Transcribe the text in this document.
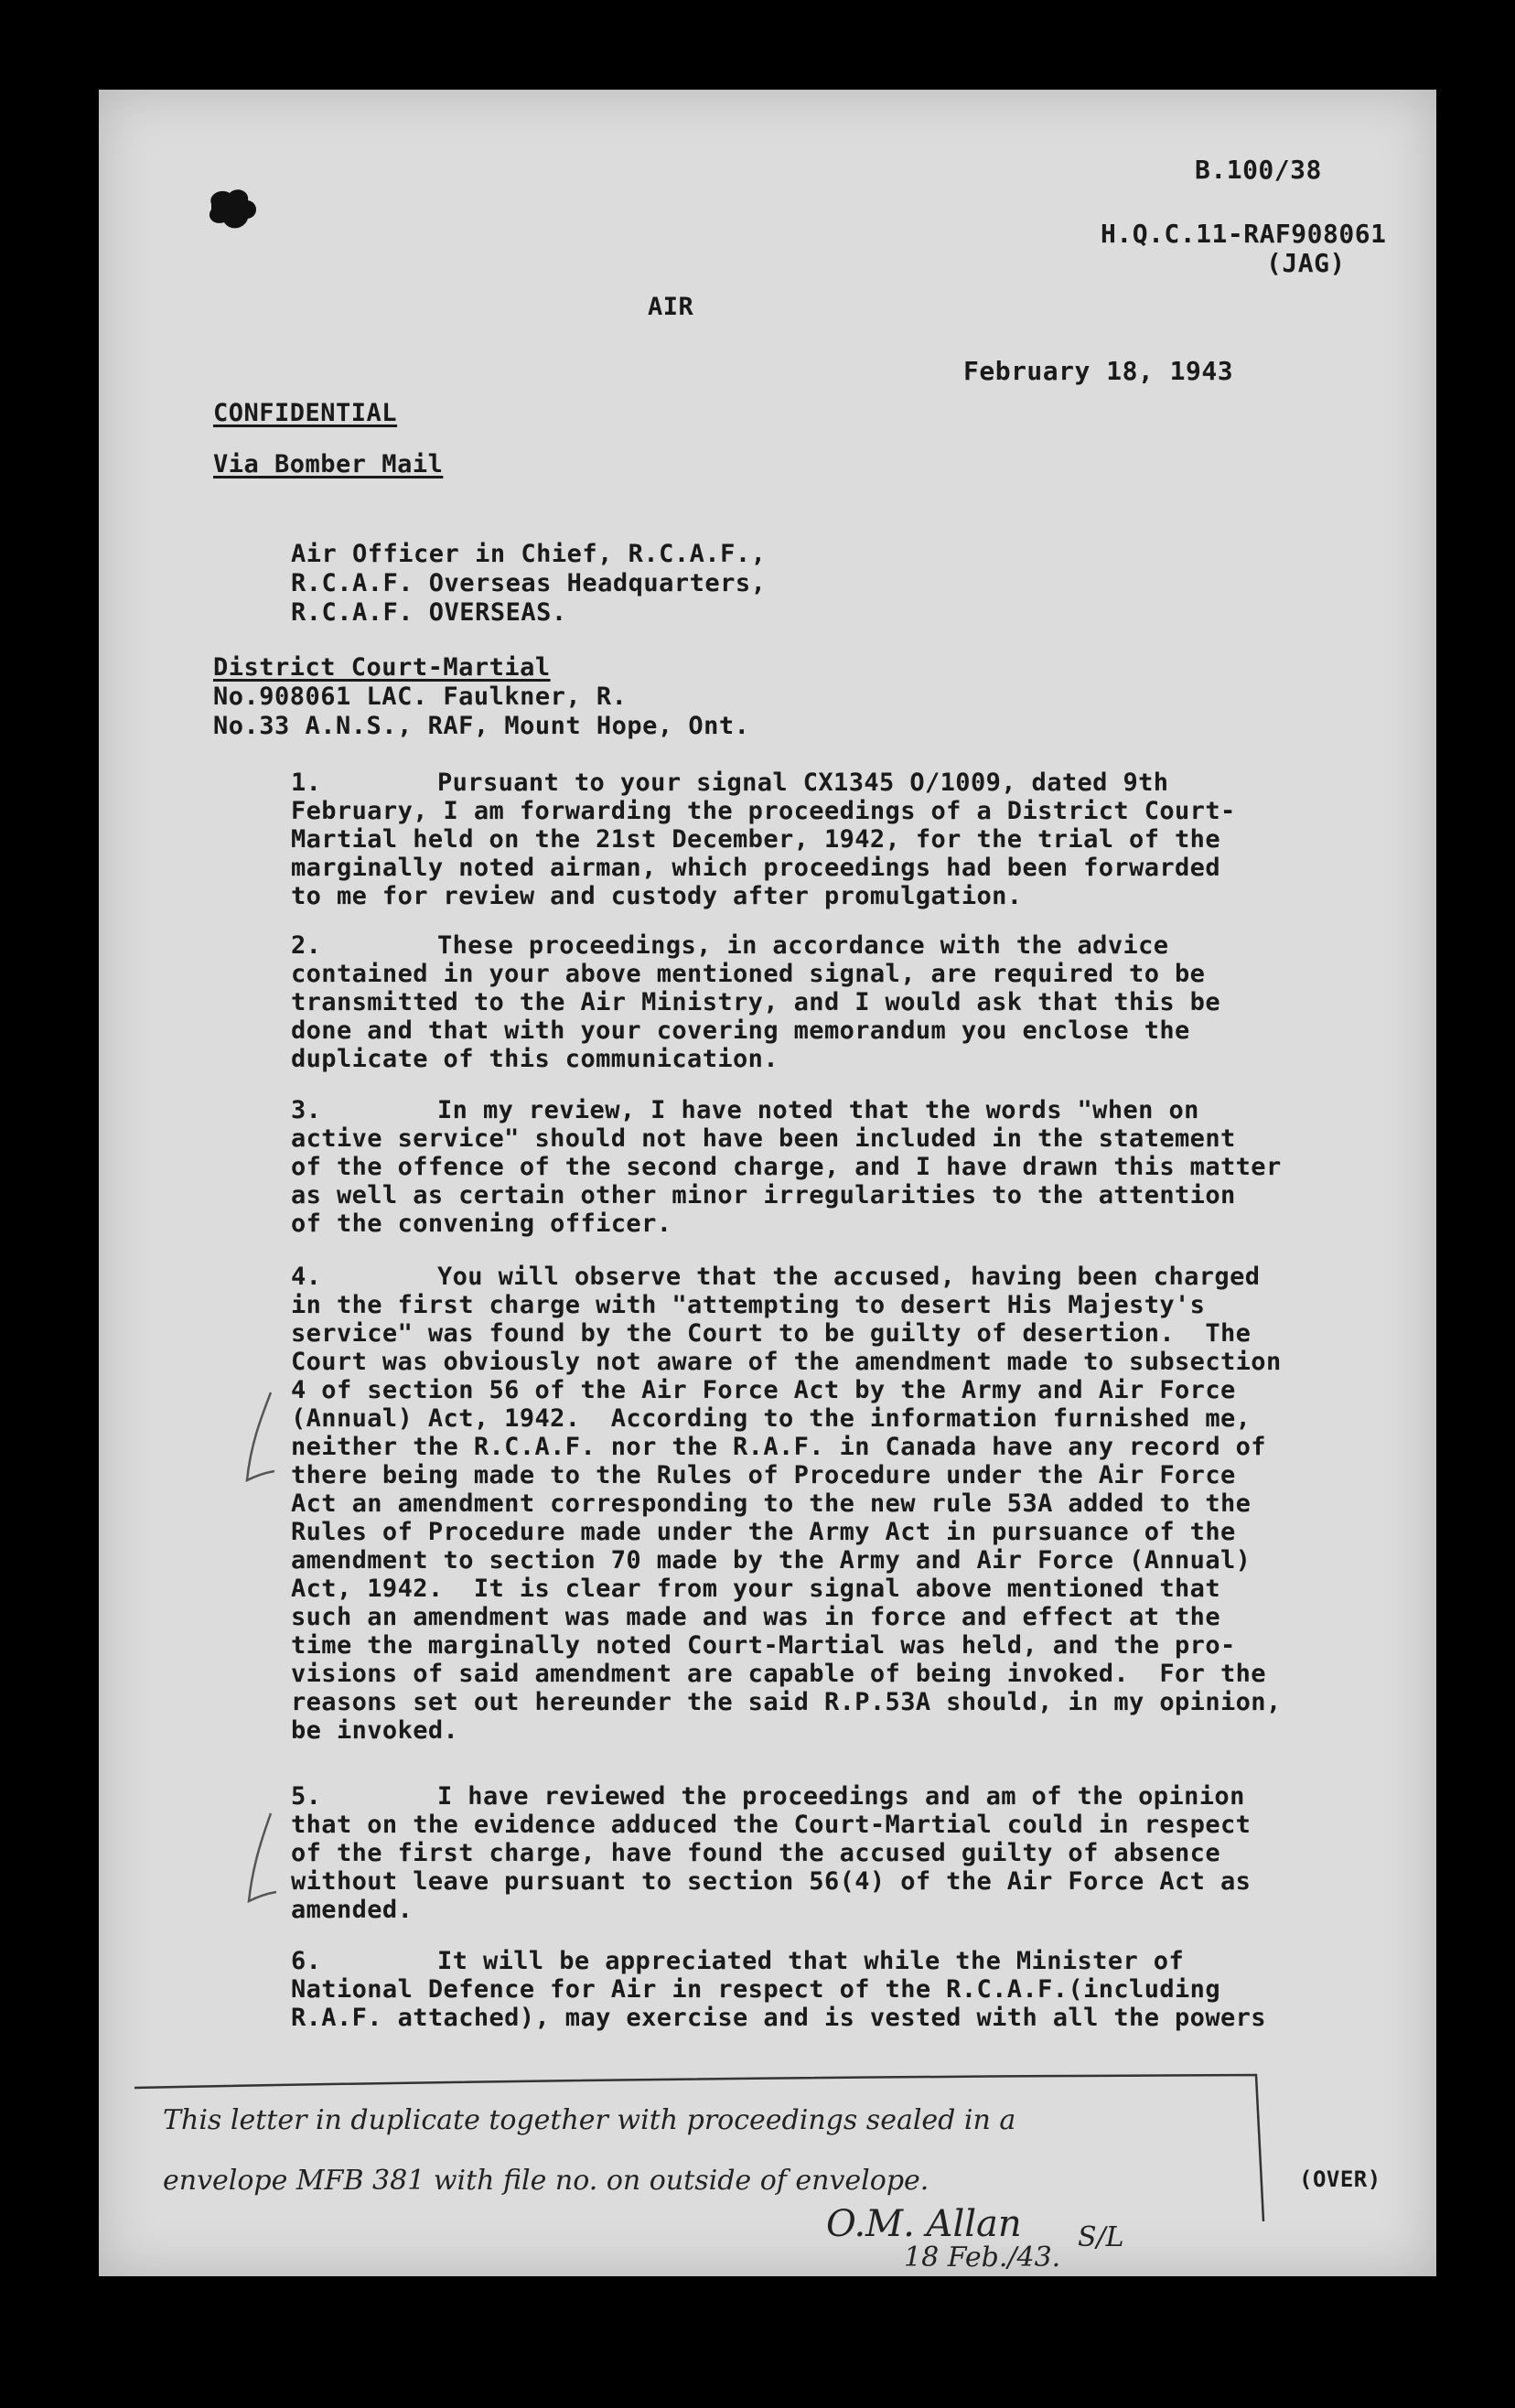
B.100/38
H.Q.C.11-RAF908061
(JAG)
AIR
February 18, 1943
CONFIDENTIAL
Via Bomber Mail
Air Officer in Chief, R.C.A.F.,
R.C.A.F. Overseas Headquarters,
R.C.A.F. OVERSEAS.
District Court-Martial
No.908061 LAC. Faulkner, R.
No.33 A.N.S., RAF, Mount Hope, Ont.
1.	Pursuant to your signal CX1345 O/1009, dated 9th
February, I am forwarding the proceedings of a District Court-
Martial held on the 21st December, 1942, for the trial of the
marginally noted airman, which proceedings had been forwarded
to me for review and custody after promulgation.
2.	These proceedings, in accordance with the advice
contained in your above mentioned signal, are required to be
transmitted to the Air Ministry, and I would ask that this be
done and that with your covering memorandum you enclose the
duplicate of this communication.
3.	In my review, I have noted that the words "when on
active service" should not have been included in the statement
of the offence of the second charge, and I have drawn this matter
as well as certain other minor irregularities to the attention
of the convening officer.
4.	You will observe that the accused, having been charged
in the first charge with "attempting to desert His Majesty's
service" was found by the Court to be guilty of desertion.  The
Court was obviously not aware of the amendment made to subsection
4 of section 56 of the Air Force Act by the Army and Air Force
(Annual) Act, 1942.  According to the information furnished me,
neither the R.C.A.F. nor the R.A.F. in Canada have any record of
there being made to the Rules of Procedure under the Air Force
Act an amendment corresponding to the new rule 53A added to the
Rules of Procedure made under the Army Act in pursuance of the
amendment to section 70 made by the Army and Air Force (Annual)
Act, 1942.  It is clear from your signal above mentioned that
such an amendment was made and was in force and effect at the
time the marginally noted Court-Martial was held, and the pro-
visions of said amendment are capable of being invoked.  For the
reasons set out hereunder the said R.P.53A should, in my opinion,
be invoked.
5.	I have reviewed the proceedings and am of the opinion
that on the evidence adduced the Court-Martial could in respect
of the first charge, have found the accused guilty of absence
without leave pursuant to section 56(4) of the Air Force Act as
amended.
6.	It will be appreciated that while the Minister of
National Defence for Air in respect of the R.C.A.F.(including
R.A.F. attached), may exercise and is vested with all the powers
This letter in duplicate together with proceedings sealed in a
envelope MFB 381 with file no. on outside of envelope.
O.M. Allan S/L
18 Feb./43.
(OVER)
